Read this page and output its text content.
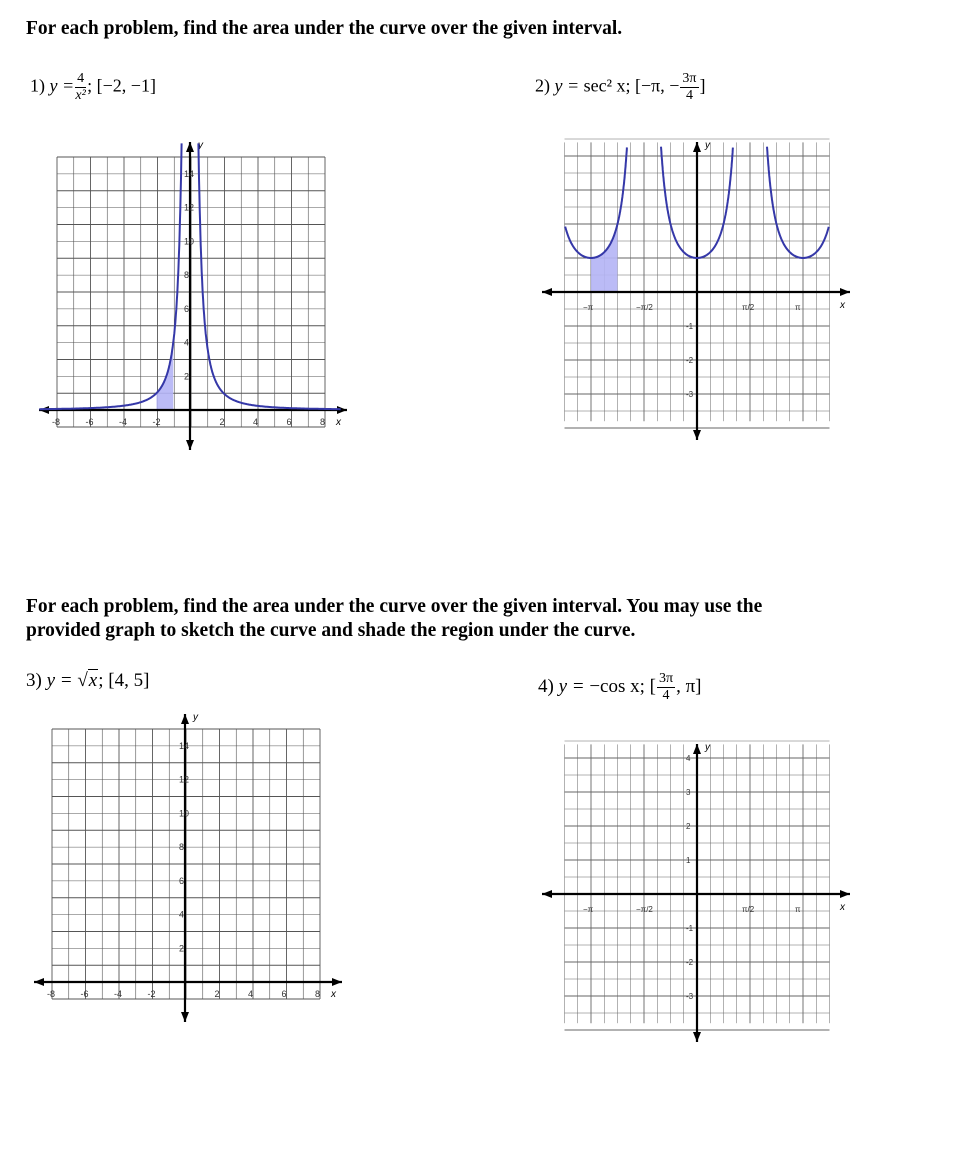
For each problem, find the area under the curve over the given interval.
1) $y = \frac{4}{\text{x²}}$ ; [−2, −1]	2) y = sec² x; [−π, − $\frac{3\pi}{4}$ ]
x
y
-8	-6	-4	-2	2	4	6	8
2
4
6
8
10
12
14
x
y
−π	−π/2	π/2	π
-1
-2
-3
For each problem, find the area under the curve over the given interval. You may use the
provided graph to sketch the curve and shade the region under the curve.
3) y = √x; [4, 5]	4) y = −cos x; [ $\frac{3\pi}{4}$ , π]
x
y
-8	-6	-4	-2	2	4	6	8
2
4
6
8
10
12
14
x
y
−π	−π/2	π/2	π
4
3
2
1
-1
-2
-3
